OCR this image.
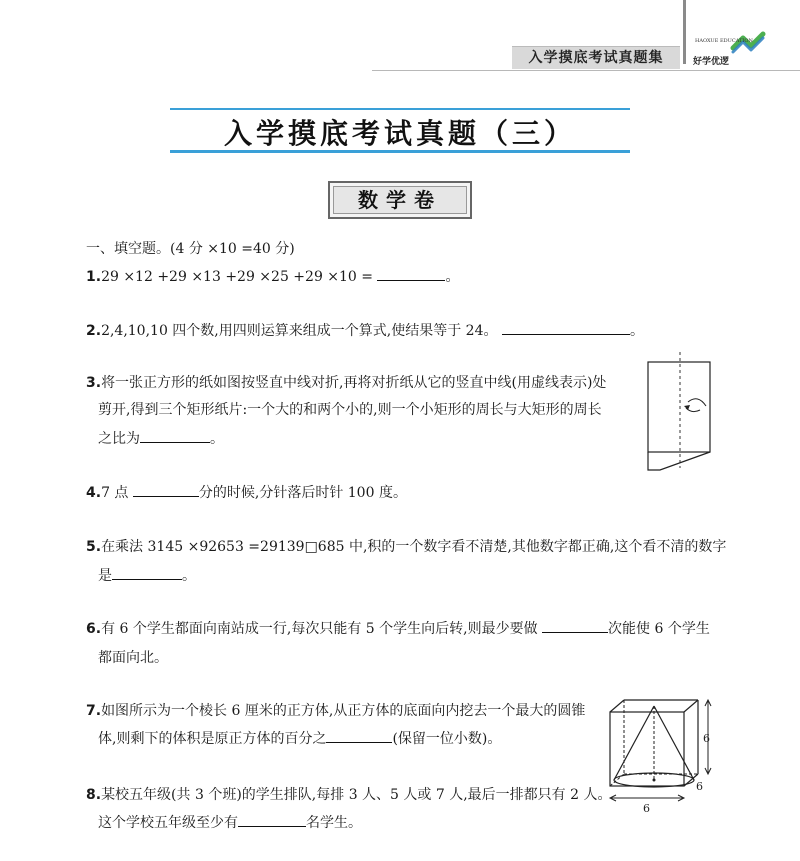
入学摸底考试真题集
HAOXUE EDUCATION
好学优逻
入学摸底考试真题（三）
数学卷
一、填空题。(4 分 ×10 =40 分)
1.29 ×12 +29 ×13 +29 ×25 +29 ×10 =	。
2.2,4,10,10 四个数,用四则运算来组成一个算式,使结果等于 24。	。
3.将一张正方形的纸如图按竖直中线对折,再将对折纸从它的竖直中线(用虚线表示)处
剪开,得到三个矩形纸片:一个大的和两个小的,则一个小矩形的周长与大矩形的周长
之比为	。
4.7 点	分的时候,分针落后时针 100 度。
5.在乘法 3145 ×92653 =29139□685 中,积的一个数字看不清楚,其他数字都正确,这个看不清的数字
是	。
6.有 6 个学生都面向南站成一行,每次只能有 5 个学生向后转,则最少要做	次能使 6 个学生
都面向北。
7.如图所示为一个棱长 6 厘米的正方体,从正方体的底面向内挖去一个最大的圆锥
体,则剩下的体积是原正方体的百分之	(保留一位小数)。
8.某校五年级(共 3 个班)的学生排队,每排 3 人、5 人或 7 人,最后一排都只有 2 人。
这个学校五年级至少有	名学生。
6
6
6
